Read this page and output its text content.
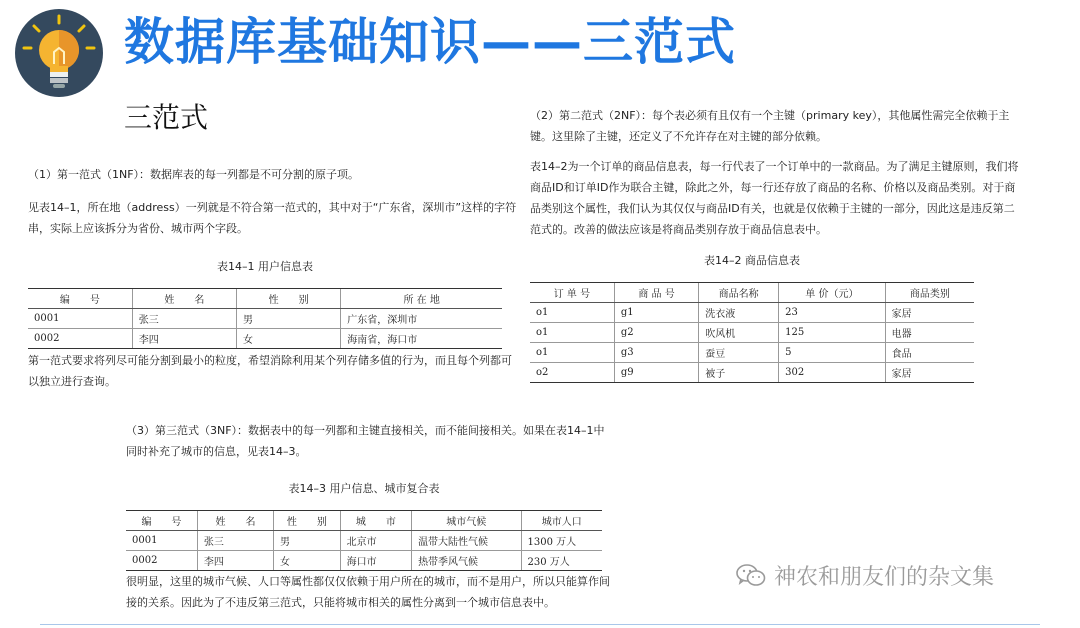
数据库基础知识——三范式
三范式

（1）第一范式（1NF）：数据库表的每一列都是不可分割的原子项。

见表14–1，所在地（address）一列就是不符合第一范式的，其中对于“广东省，深圳市”这样的字符

串，实际上应该拆分为省份、城市两个字段。

表14–1 用户信息表

编　　号	姓　　名	性　　别	所 在 地
0001	张三	男	广东省，深圳市
0002	李四	女	海南省，海口市

第一范式要求将列尽可能分割到最小的粒度，希望消除利用某个列存储多值的行为，而且每个列都可

以独立进行查询。

（2）第二范式（2NF）：每个表必须有且仅有一个主键（primary key），其他属性需完全依赖于主

键。这里除了主键，还定义了不允许存在对主键的部分依赖。

表14–2为一个订单的商品信息表，每一行代表了一个订单中的一款商品。为了满足主键原则，我们将

商品ID和订单ID作为联合主键，除此之外，每一行还存放了商品的名称、价格以及商品类别。对于商

品类别这个属性，我们认为其仅仅与商品ID有关，也就是仅依赖于主键的一部分，因此这是违反第二

范式的。改善的做法应该是将商品类别存放于商品信息表中。

表14–2 商品信息表

订 单 号	商 品 号	商品名称	单 价（元）	商品类别
o1	g1	洗衣液	23	家居
o1	g2	吹风机	125	电器
o1	g3	蚕豆	5	食品
o2	g9	被子	302	家居

（3）第三范式（3NF）：数据表中的每一列都和主键直接相关，而不能间接相关。如果在表14–1中

同时补充了城市的信息，见表14–3。

表14–3 用户信息、城市复合表

编　　号	姓　　名	性　　别	城　　市	城市气候	城市人口
0001	张三	男	北京市	温带大陆性气候	1300 万人
0002	李四	女	海口市	热带季风气候	230 万人

很明显，这里的城市气候、人口等属性都仅仅依赖于用户所在的城市，而不是用户，所以只能算作间

接的关系。因此为了不违反第三范式，只能将城市相关的属性分离到一个城市信息表中。

神农和朋友们的杂文集
